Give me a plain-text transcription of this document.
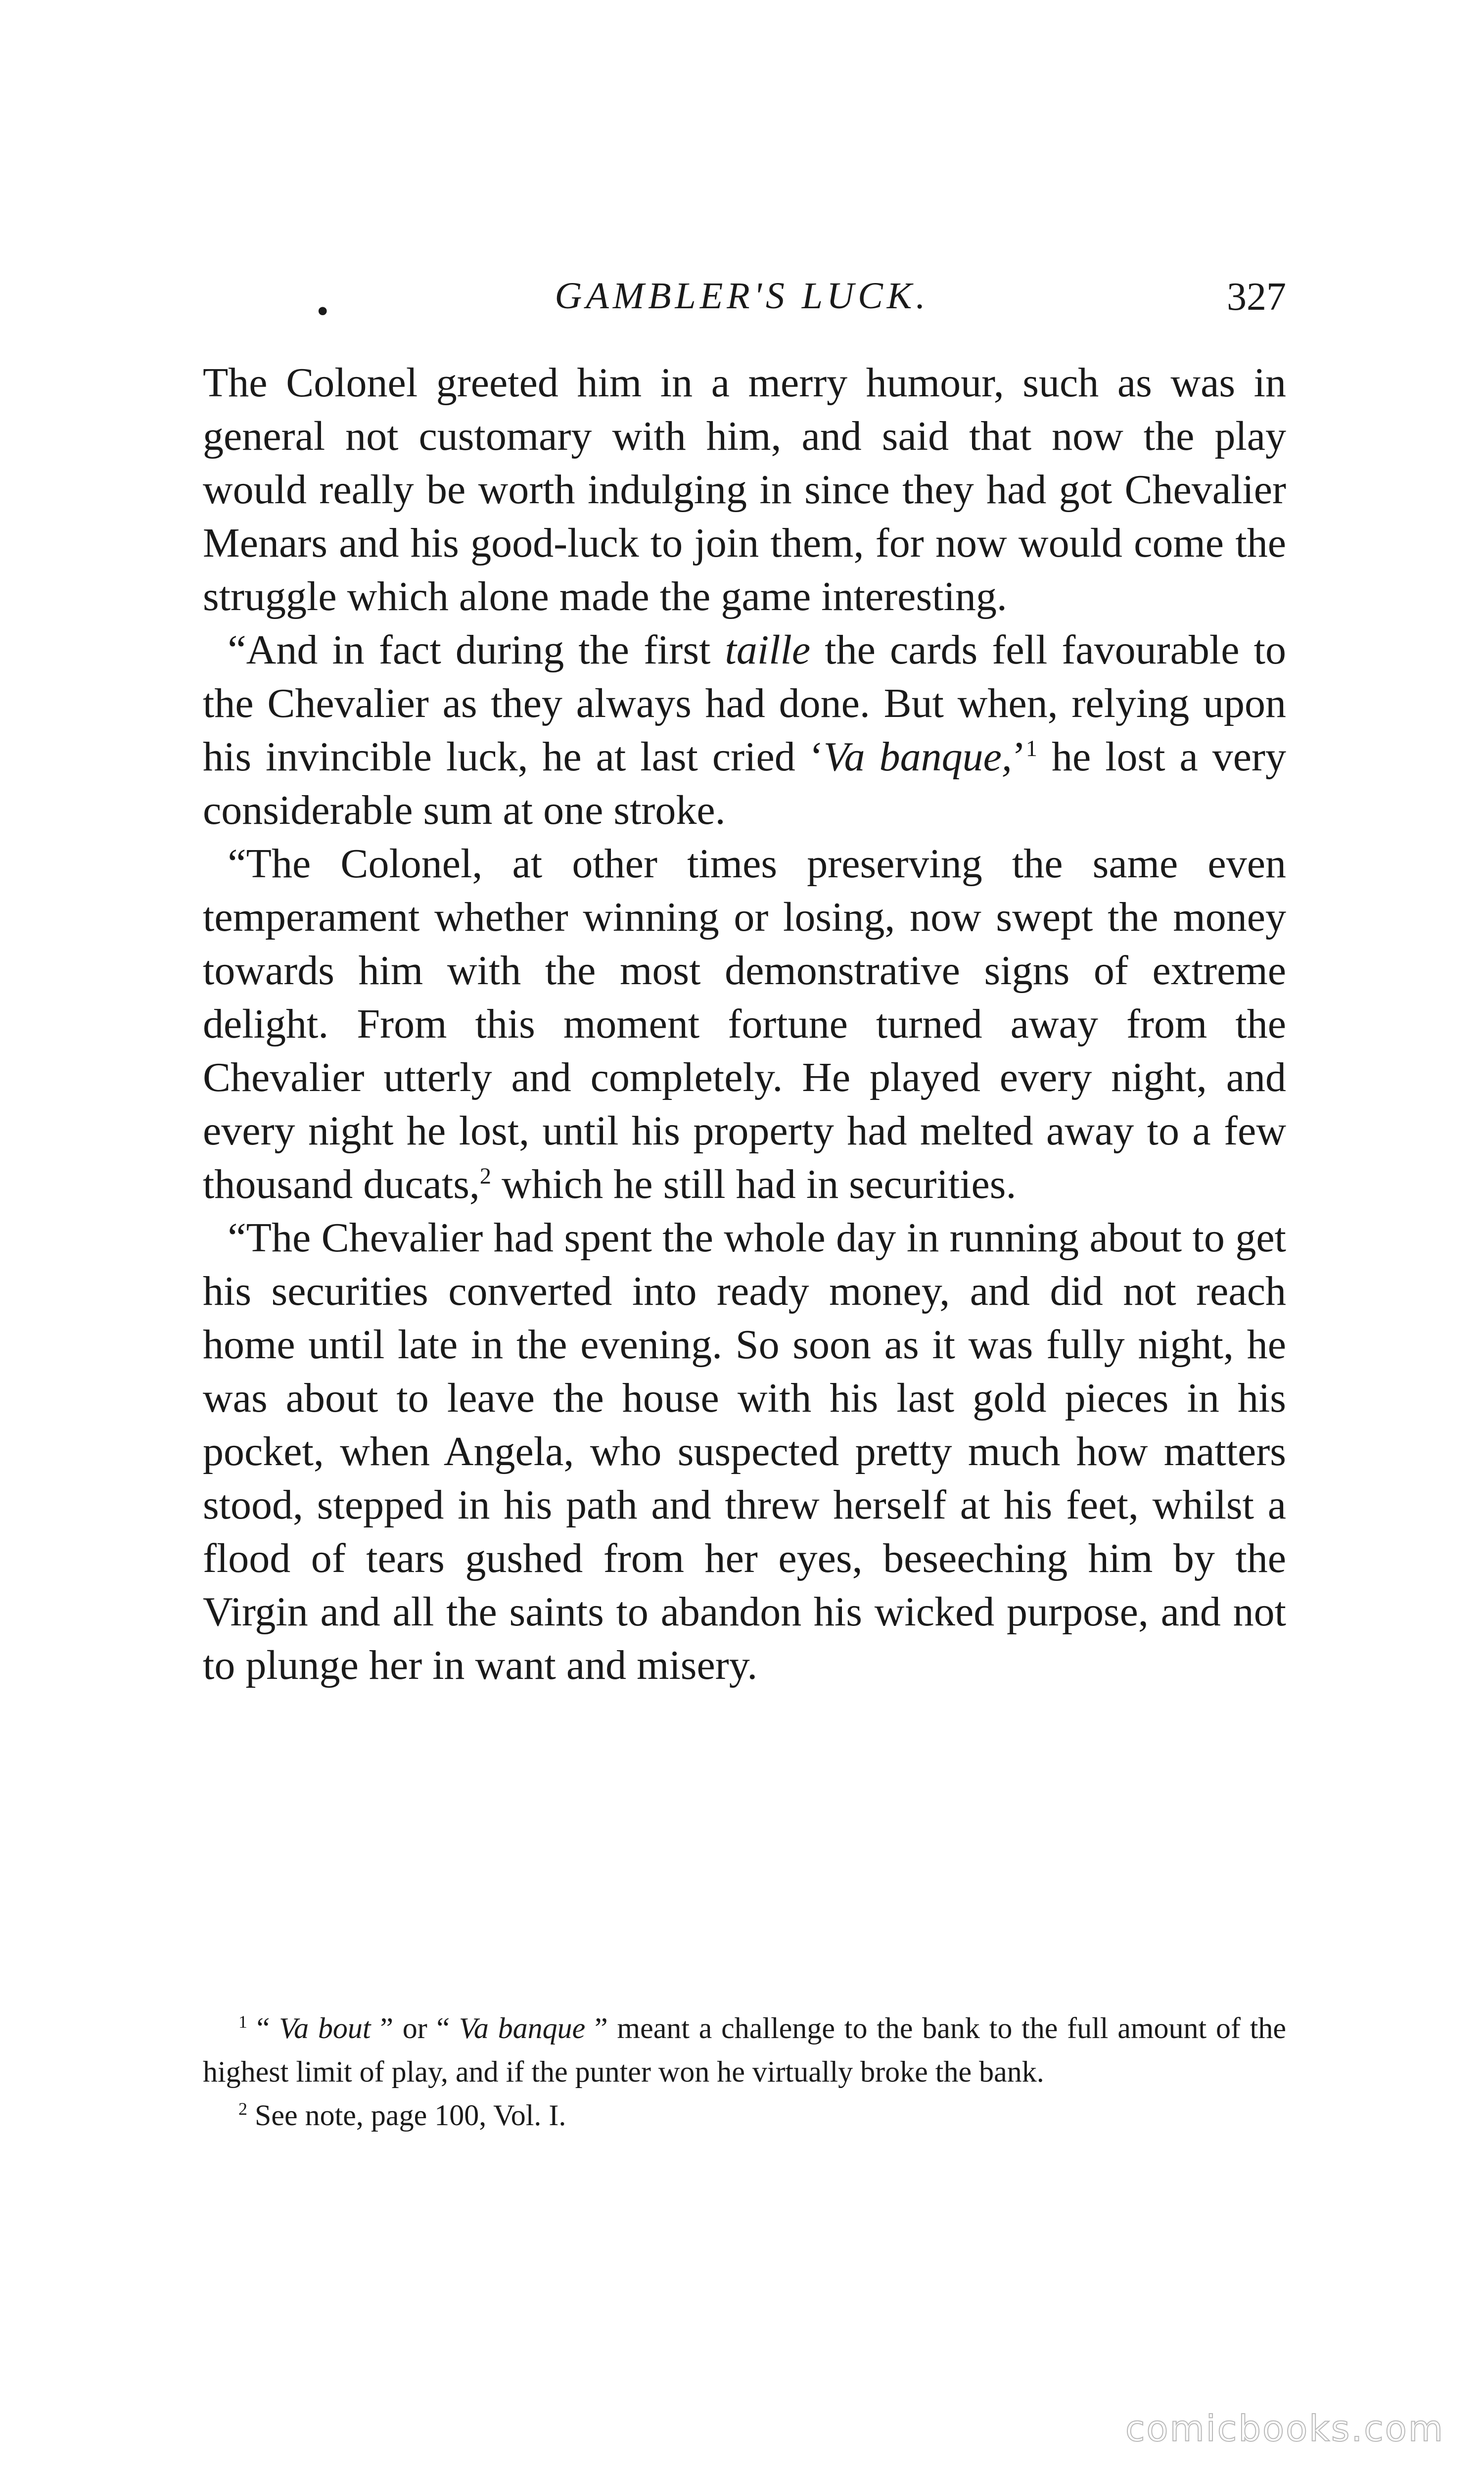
•	GAMBLER'S LUCK.	327

The Colonel greeted him in a merry humour, such as was in general not customary with him, and said that now the play would really be worth indulging in since they had got Chevalier Menars and his good-luck to join them, for now would come the struggle which alone made the game interesting.

“And in fact during the first taille the cards fell favourable to the Chevalier as they always had done. But when, relying upon his invincible luck, he at last cried ‘Va banque,’$^1$ he lost a very considerable sum at one stroke.

“The Colonel, at other times preserving the same even temperament whether winning or losing, now swept the money towards him with the most demonstrative signs of extreme delight. From this moment fortune turned away from the Chevalier utterly and completely. He played every night, and every night he lost, until his property had melted away to a few thousand ducats,$^2$ which he still had in securities.

“The Chevalier had spent the whole day in running about to get his securities converted into ready money, and did not reach home until late in the evening. So soon as it was fully night, he was about to leave the house with his last gold pieces in his pocket, when Angela, who suspected pretty much how matters stood, stepped in his path and threw herself at his feet, whilst a flood of tears gushed from her eyes, beseeching him by the Virgin and all the saints to abandon his wicked purpose, and not to plunge her in want and misery.

$^1$ “ Va bout ” or “ Va banque ” meant a challenge to the bank to the full amount of the highest limit of play, and if the punter won he virtually broke the bank.

$^2$ See note, page 100, Vol. I.

comicbooks.com
